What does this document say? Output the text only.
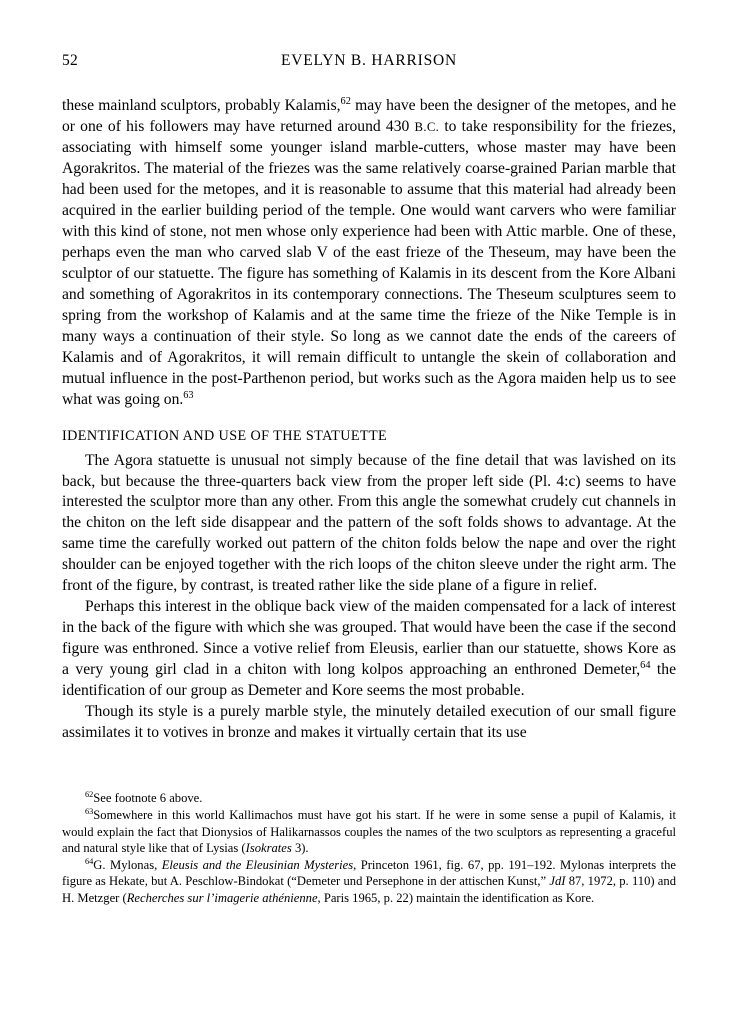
52	EVELYN B. HARRISON

these mainland sculptors, probably Kalamis,$^{62}$ may have been the designer of the metopes, and he or one of his followers may have returned around 430 B.C. to take responsibility for the friezes, associating with himself some younger island marble-cutters, whose master may have been Agorakritos. The material of the friezes was the same relatively coarse-grained Parian marble that had been used for the metopes, and it is reasonable to assume that this material had already been acquired in the earlier building period of the temple. One would want carvers who were familiar with this kind of stone, not men whose only experience had been with Attic marble. One of these, perhaps even the man who carved slab V of the east frieze of the Theseum, may have been the sculptor of our statuette. The figure has something of Kalamis in its descent from the Kore Albani and something of Agorakritos in its contemporary connections. The Theseum sculptures seem to spring from the workshop of Kalamis and at the same time the frieze of the Nike Temple is in many ways a continuation of their style. So long as we cannot date the ends of the careers of Kalamis and of Agorakritos, it will remain difficult to untangle the skein of collaboration and mutual influence in the post-Parthenon period, but works such as the Agora maiden help us to see what was going on.$^{63}$

IDENTIFICATION AND USE OF THE STATUETTE

The Agora statuette is unusual not simply because of the fine detail that was lavished on its back, but because the three-quarters back view from the proper left side (Pl. 4:c) seems to have interested the sculptor more than any other. From this angle the somewhat crudely cut channels in the chiton on the left side disappear and the pattern of the soft folds shows to advantage. At the same time the carefully worked out pattern of the chiton folds below the nape and over the right shoulder can be enjoyed together with the rich loops of the chiton sleeve under the right arm. The front of the figure, by contrast, is treated rather like the side plane of a figure in relief.

Perhaps this interest in the oblique back view of the maiden compensated for a lack of interest in the back of the figure with which she was grouped. That would have been the case if the second figure was enthroned. Since a votive relief from Eleusis, earlier than our statuette, shows Kore as a very young girl clad in a chiton with long kolpos approaching an enthroned Demeter,$^{64}$ the identification of our group as Demeter and Kore seems the most probable.

Though its style is a purely marble style, the minutely detailed execution of our small figure assimilates it to votives in bronze and makes it virtually certain that its use

$^{62}$See footnote 6 above.

$^{63}$Somewhere in this world Kallimachos must have got his start. If he were in some sense a pupil of Kalamis, it would explain the fact that Dionysios of Halikarnassos couples the names of the two sculptors as representing a graceful and natural style like that of Lysias (Isokrates 3).

$^{64}$G. Mylonas, Eleusis and the Eleusinian Mysteries, Princeton 1961, fig. 67, pp. 191–192. Mylonas interprets the figure as Hekate, but A. Peschlow-Bindokat (“Demeter und Persephone in der attischen Kunst,” JdI 87, 1972, p. 110) and H. Metzger (Recherches sur l’imagerie athénienne, Paris 1965, p. 22) maintain the identification as Kore.
